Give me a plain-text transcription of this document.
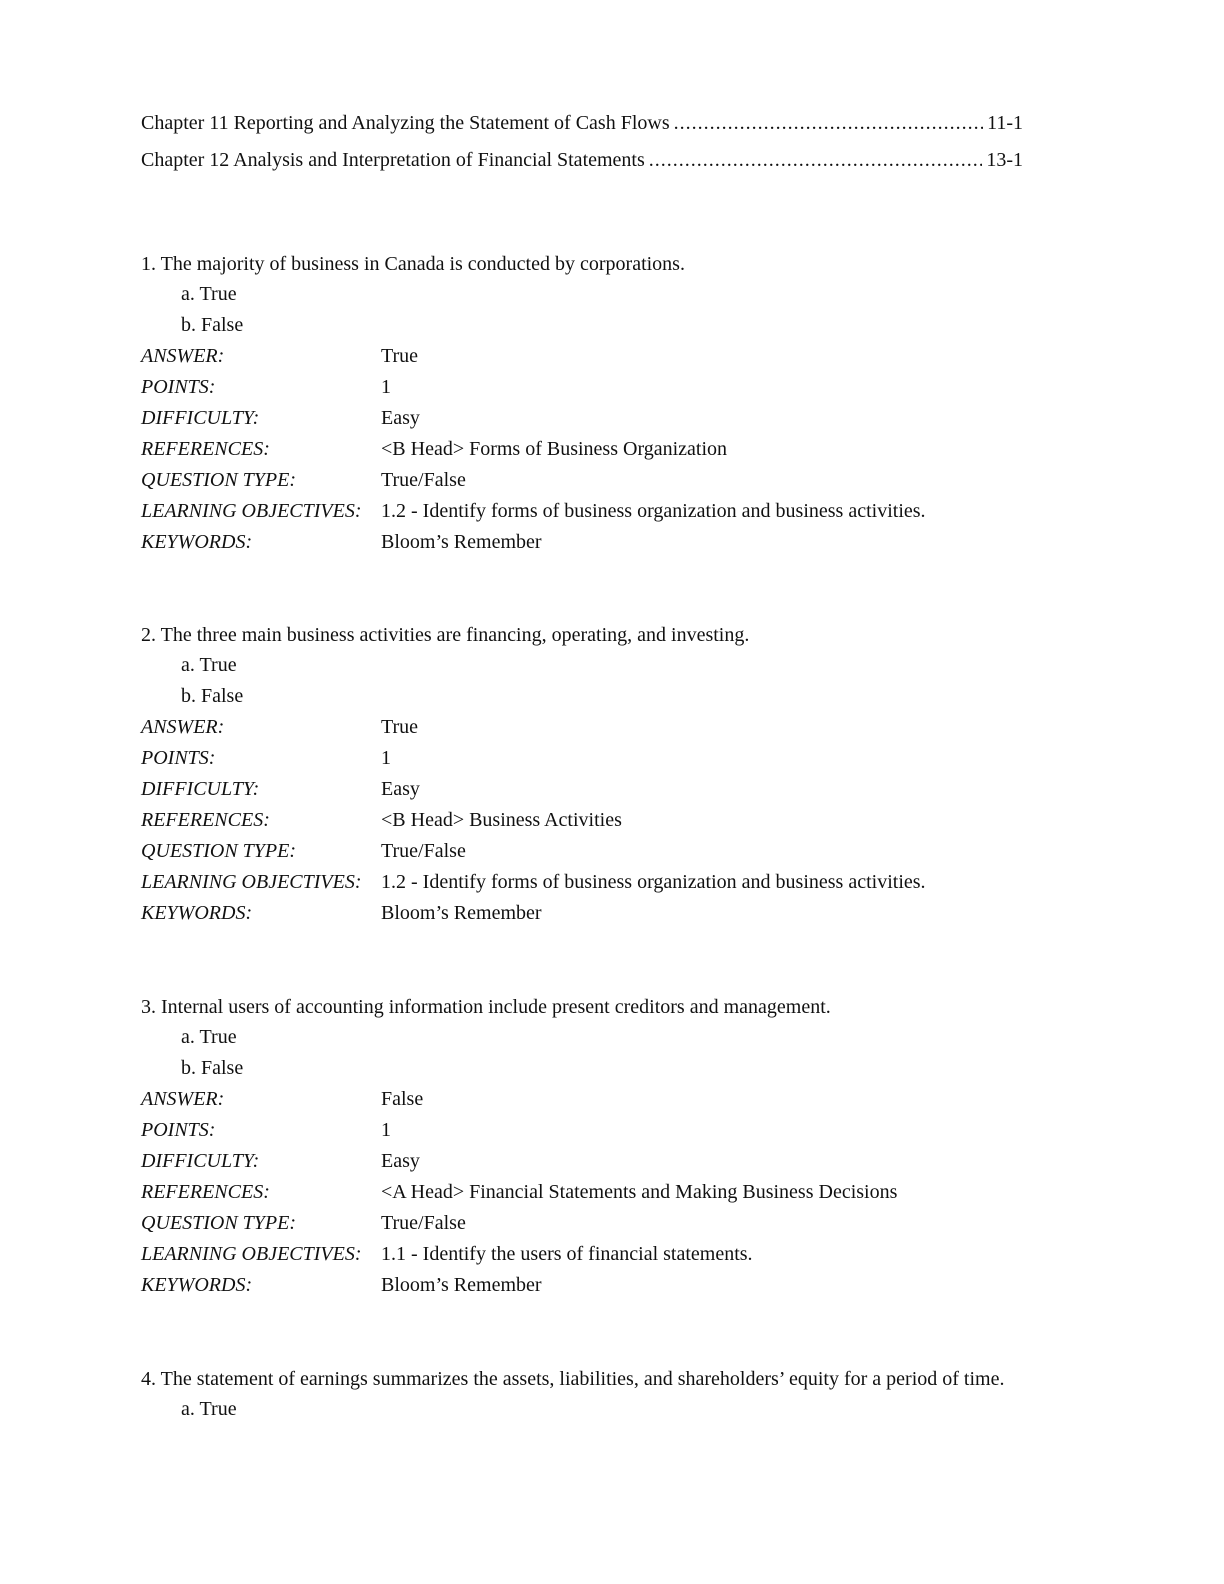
Chapter 11 Reporting and Analyzing the Statement of Cash Flows .....	11-1
Chapter 12 Analysis and Interpretation of Financial Statements .....	13-1

1. The majority of business in Canada is conducted by corporations.

a. True
b. False
ANSWER:	True
POINTS:	1
DIFFICULTY:	Easy
REFERENCES:	<B Head> Forms of Business Organization
QUESTION TYPE:	True/False
LEARNING OBJECTIVES: 1.2 - Identify forms of business organization and business activities.
KEYWORDS:	Bloom’s Remember

2. The three main business activities are financing, operating, and investing.

a. True
b. False
ANSWER:	True
POINTS:	1
DIFFICULTY:	Easy
REFERENCES:	<B Head> Business Activities
QUESTION TYPE:	True/False
LEARNING OBJECTIVES: 1.2 - Identify forms of business organization and business activities.
KEYWORDS:	Bloom’s Remember

3. Internal users of accounting information include present creditors and management.

a. True
b. False
ANSWER:	False
POINTS:	1
DIFFICULTY:	Easy
REFERENCES:	<A Head> Financial Statements and Making Business Decisions
QUESTION TYPE:	True/False
LEARNING OBJECTIVES: 1.1 - Identify the users of financial statements.
KEYWORDS:	Bloom’s Remember

4. The statement of earnings summarizes the assets, liabilities, and shareholders’ equity for a period of time.

a. True
